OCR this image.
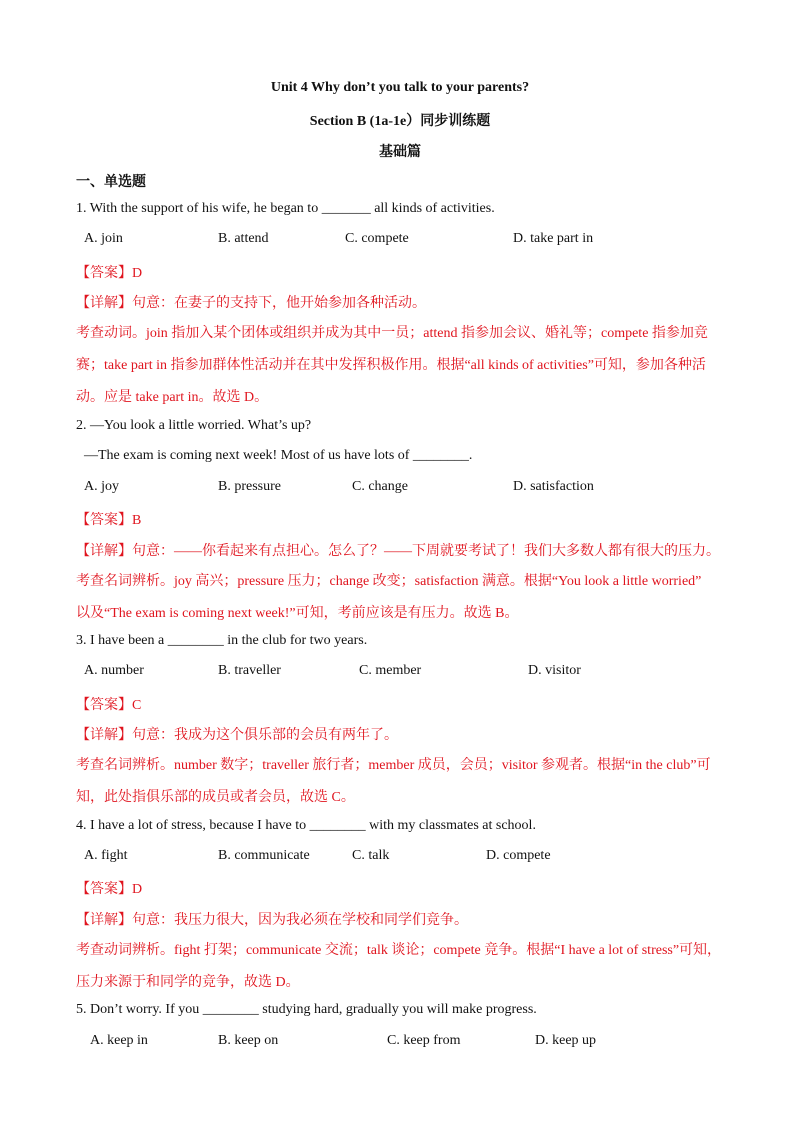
Unit 4 Why don’t you talk to your parents?
Section B (1a-1e）同步训练题
基础篇
一、单选题
1. With the support of his wife, he began to _______ all kinds of activities.
A. join	B. attend	C. compete	D. take part in
【答案】D
【详解】句意：在妻子的支持下，他开始参加各种活动。
考查动词。join 指加入某个团体或组织并成为其中一员；attend 指参加会议、婚礼等；compete 指参加竞
赛；take part in 指参加群体性活动并在其中发挥积极作用。根据“all kinds of activities”可知，参加各种活
动。应是 take part in。故选 D。
2. —You look a little worried. What’s up?
—The exam is coming next week! Most of us have lots of ________.
A. joy	B. pressure	C. change	D. satisfaction
【答案】B
【详解】句意：——你看起来有点担心。怎么了？——下周就要考试了！我们大多数人都有很大的压力。
考查名词辨析。joy 高兴；pressure 压力；change 改变；satisfaction 满意。根据“You look a little worried”
以及“The exam is coming next week!”可知，考前应该是有压力。故选 B。
3. I have been a ________ in the club for two years.
A. number	B. traveller	C. member	D. visitor
【答案】C
【详解】句意：我成为这个俱乐部的会员有两年了。
考查名词辨析。number 数字；traveller 旅行者；member 成员，会员；visitor 参观者。根据“in the club”可
知，此处指俱乐部的成员或者会员，故选 C。
4. I have a lot of stress, because I have to ________ with my classmates at school.
A. fight	B. communicate	C. talk	D. compete
【答案】D
【详解】句意：我压力很大，因为我必须在学校和同学们竞争。
考查动词辨析。fight 打架；communicate 交流；talk 谈论；compete 竞争。根据“I have a lot of stress”可知，
压力来源于和同学的竞争，故选 D。
5. Don’t worry. If you ________ studying hard, gradually you will make progress.
A. keep in	B. keep on	C. keep from	D. keep up
